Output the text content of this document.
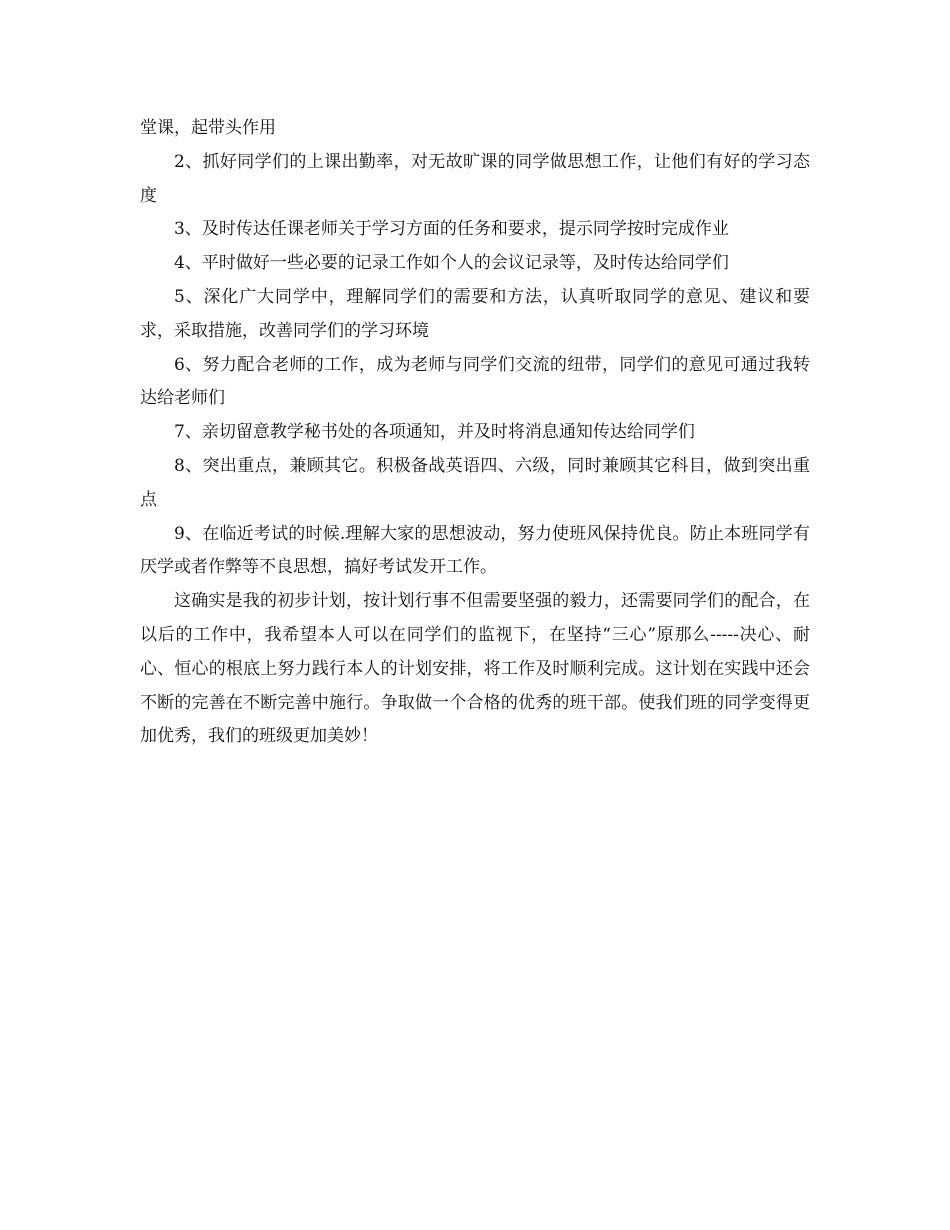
堂课，起带头作用

2、抓好同学们的上课出勤率，对无故旷课的同学做思想工作，让他们有好的学习态度

3、及时传达任课老师关于学习方面的任务和要求，提示同学按时完成作业

4、平时做好一些必要的记录工作如个人的会议记录等，及时传达给同学们

5、深化广大同学中，理解同学们的需要和方法，认真听取同学的意见、建议和要求，采取措施，改善同学们的学习环境

6、努力配合老师的工作，成为老师与同学们交流的纽带，同学们的意见可通过我转达给老师们

7、亲切留意教学秘书处的各项通知，并及时将消息通知传达给同学们

8、突出重点，兼顾其它。积极备战英语四、六级，同时兼顾其它科目，做到突出重点

9、在临近考试的时候.理解大家的思想波动，努力使班风保持优良。防止本班同学有厌学或者作弊等不良思想，搞好考试发开工作。

这确实是我的初步计划，按计划行事不但需要坚强的毅力，还需要同学们的配合，在以后的工作中，我希望本人可以在同学们的监视下，在坚持“三心”原那么-----决心、耐心、恒心的根底上努力践行本人的计划安排，将工作及时顺利完成。这计划在实践中还会不断的完善在不断完善中施行。争取做一个合格的优秀的班干部。使我们班的同学变得更加优秀，我们的班级更加美妙！
